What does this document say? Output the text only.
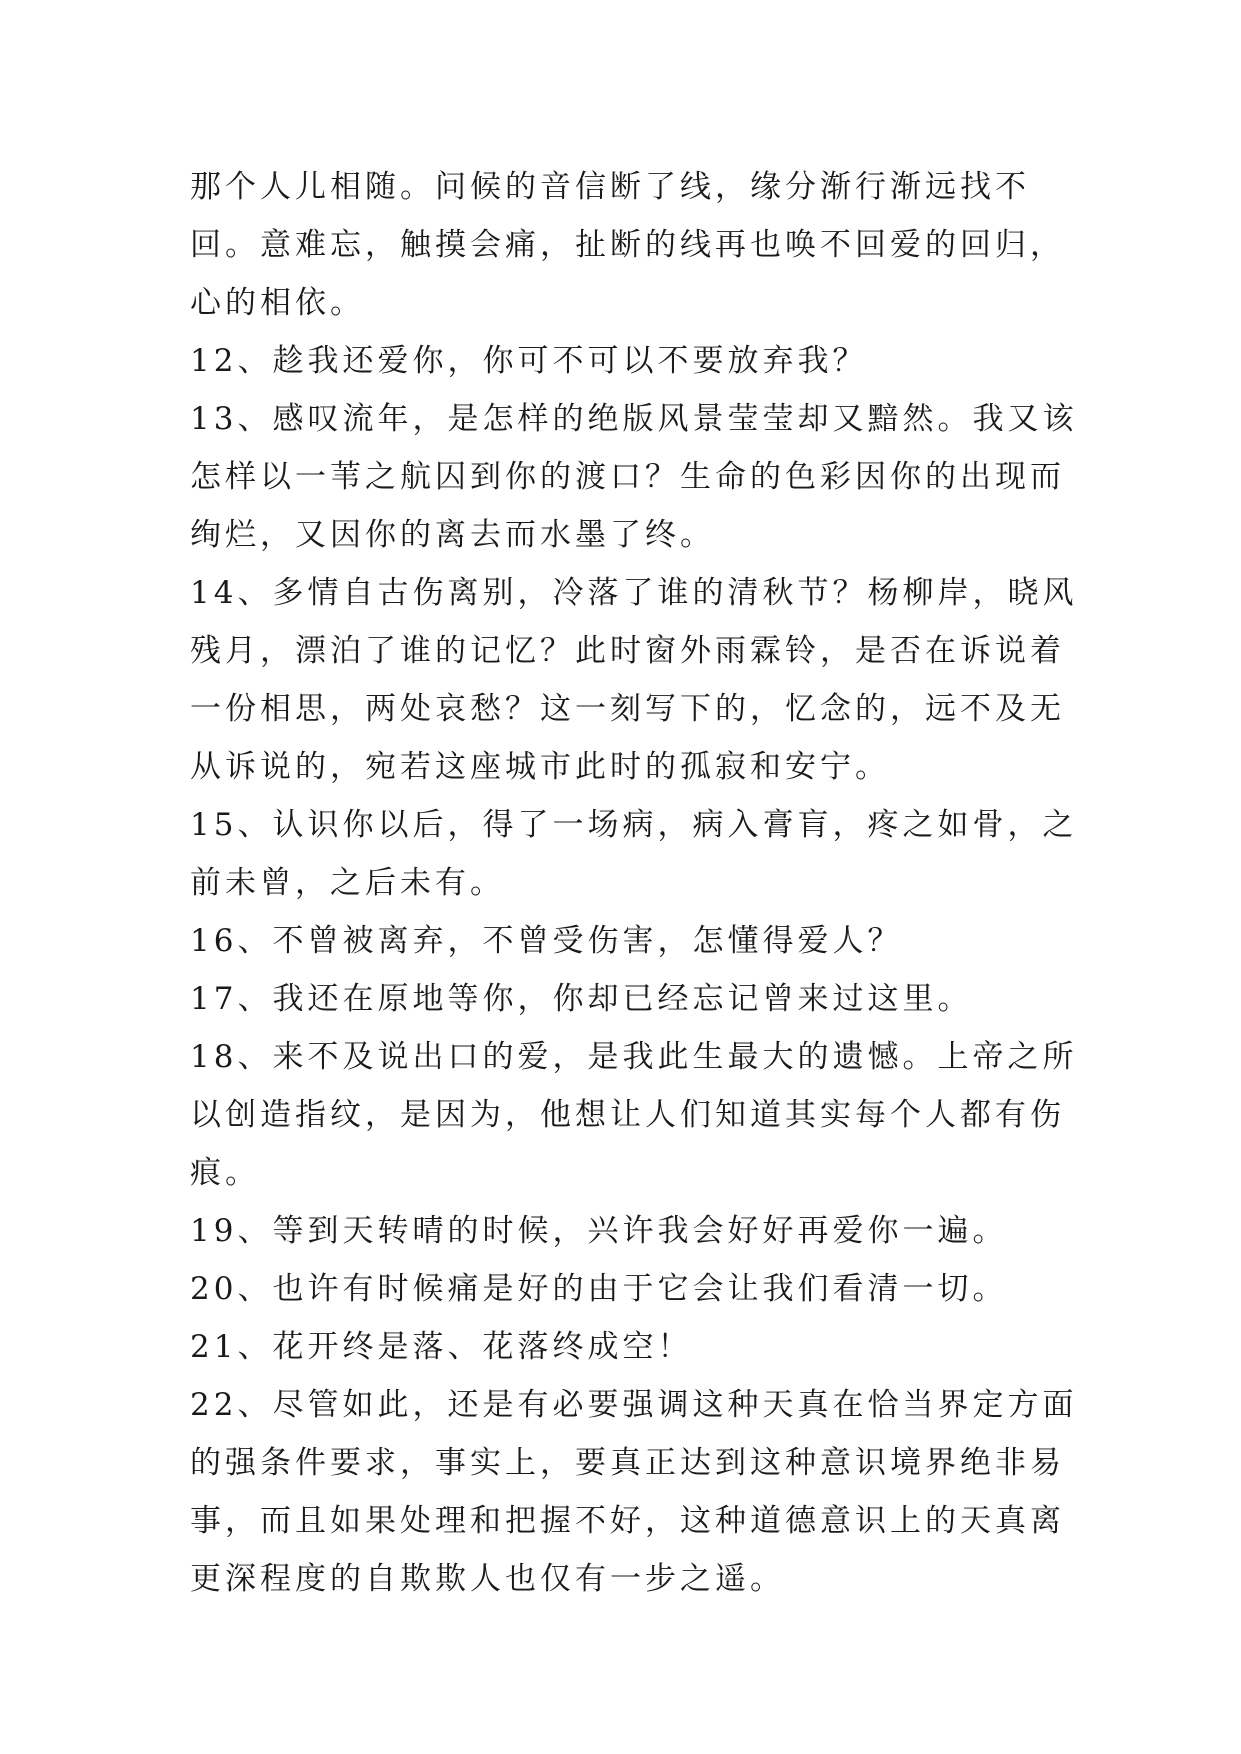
那个人儿相随。问候的音信断了线，缘分渐行渐远找不回。意难忘，触摸会痛，扯断的线再也唤不回爱的回归，心的相依。

12、趁我还爱你，你可不可以不要放弃我？

13、感叹流年，是怎样的绝版风景莹莹却又黯然。我又该怎样以一苇之航囚到你的渡口？生命的色彩因你的出现而绚烂，又因你的离去而水墨了终。

14、多情自古伤离别，冷落了谁的清秋节？杨柳岸，晓风残月，漂泊了谁的记忆？此时窗外雨霖铃，是否在诉说着一份相思，两处哀愁？这一刻写下的，忆念的，远不及无从诉说的，宛若这座城市此时的孤寂和安宁。

15、认识你以后，得了一场病，病入膏肓，疼之如骨，之前未曾，之后未有。

16、不曾被离弃，不曾受伤害，怎懂得爱人？

17、我还在原地等你，你却已经忘记曾来过这里。

18、来不及说出口的爱，是我此生最大的遗憾。上帝之所以创造指纹，是因为，他想让人们知道其实每个人都有伤痕。

19、等到天转晴的时候，兴许我会好好再爱你一遍。

20、也许有时候痛是好的由于它会让我们看清一切。

21、花开终是落、花落终成空！

22、尽管如此，还是有必要强调这种天真在恰当界定方面的强条件要求，事实上，要真正达到这种意识境界绝非易事，而且如果处理和把握不好，这种道德意识上的天真离更深程度的自欺欺人也仅有一步之遥。
